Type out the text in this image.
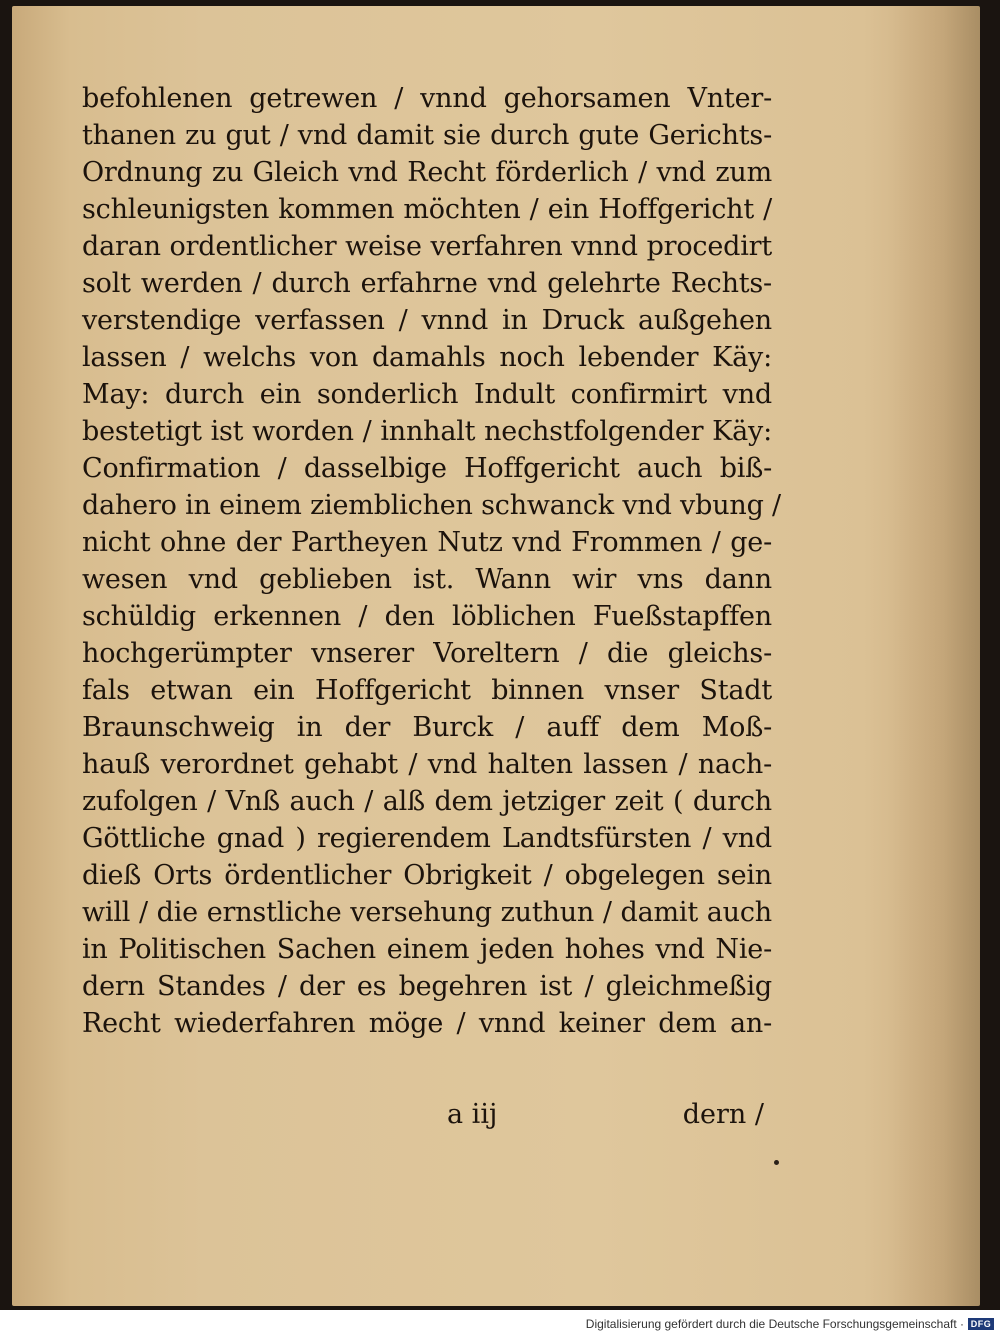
befohlenen getrewen / vnnd gehorsamen Vnter-
thanen zu gut / vnd damit sie durch gute Gerichts-
Ordnung zu Gleich vnd Recht förderlich / vnd zum
schleunigsten kommen möchten / ein Hoffgericht /
daran ordentlicher weise verfahren vnnd procedirt
solt werden / durch erfahrne vnd gelehrte Rechts-
verstendige verfassen / vnnd in Druck außgehen
lassen / welchs von damahls noch lebender Käy:
May: durch ein sonderlich Indult confirmirt vnd
bestetigt ist worden / innhalt nechstfolgender Käy:
Confirmation / dasselbige Hoffgericht auch biß-
dahero in einem ziemblichen schwanck vnd vbung /
nicht ohne der Partheyen Nutz vnd Frommen / ge-
wesen vnd geblieben ist. Wann wir vns dann
schüldig erkennen / den löblichen Fueßstapffen
hochgerümpter vnserer Voreltern / die gleichs-
fals etwan ein Hoffgericht binnen vnser Stadt
Braunschweig in der Burck / auff dem Moß-
hauß verordnet gehabt / vnd halten lassen / nach-
zufolgen / Vnß auch / alß dem jetziger zeit ( durch
Göttliche gnad ) regierendem Landtsfürsten / vnd
dieß Orts ördentlicher Obrigkeit / obgelegen sein
will / die ernstliche versehung zuthun / damit auch
in Politischen Sachen einem jeden hohes vnd Nie-
dern Standes / der es begehren ist / gleichmeßig
Recht wiederfahren möge / vnnd keiner dem an-
a iij	dern /
Digitalisierung gefördert durch die Deutsche Forschungsgemeinschaft · DFG
